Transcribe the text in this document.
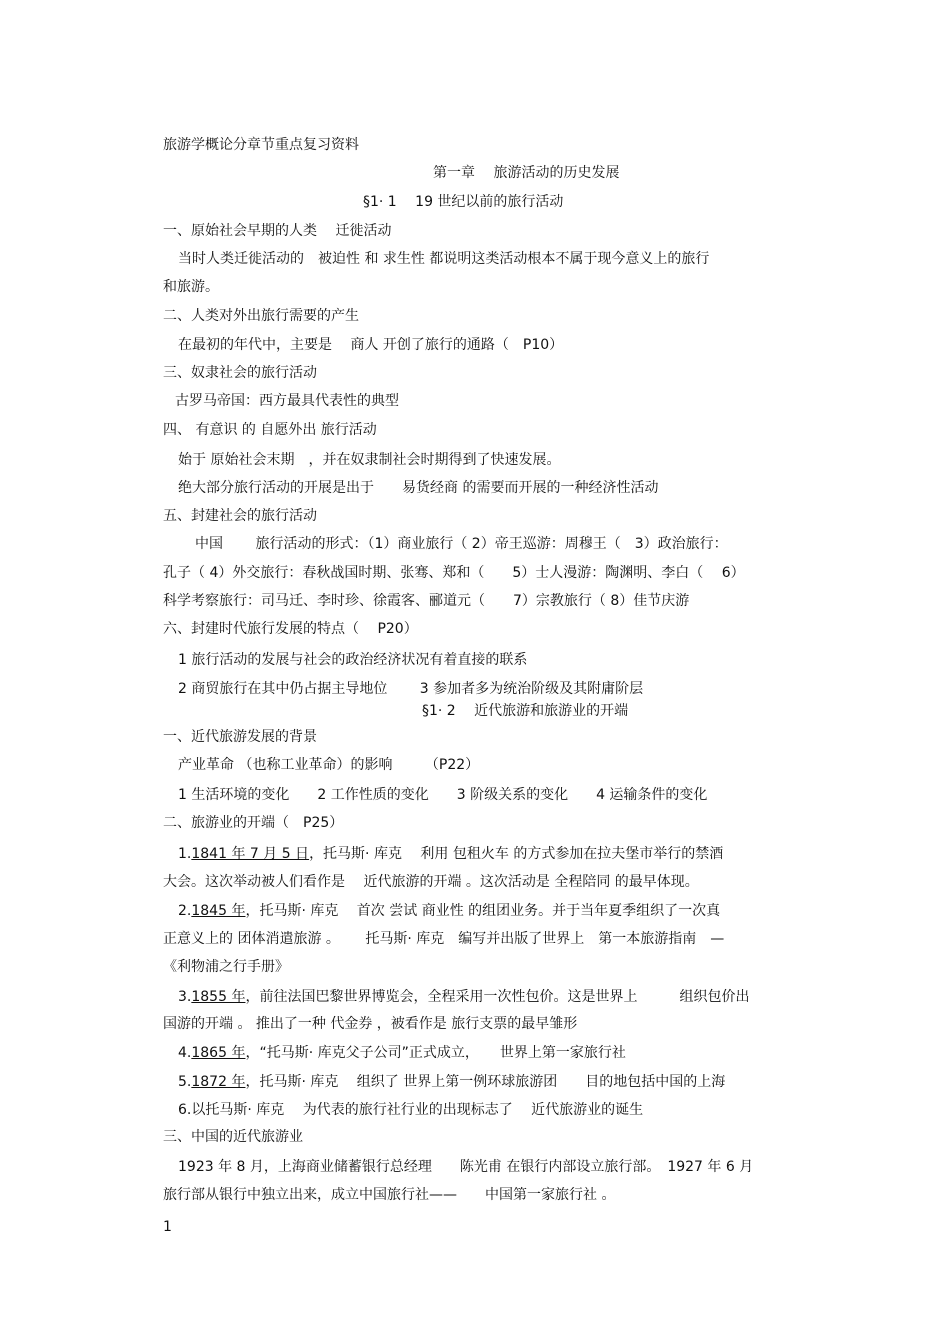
旅游学概论分章节重点复习资料
第一章　 旅游活动的历史发展
§1· 1 　19 世纪以前的旅行活动
一、原始社会早期的人类　 迁徙活动
当时人类迁徙活动的　被迫性 和 求生性 都说明这类活动根本不属于现今意义上的旅行
和旅游。
二、人类对外出旅行需要的产生
在最初的年代中，主要是　 商人 开创了旅行的通路（　P10）
三、奴隶社会的旅行活动
古罗马帝国：西方最具代表性的典型
四、 有意识 的 自愿外出 旅行活动
始于 原始社会末期　，并在奴隶制社会时期得到了快速发展。
绝大部分旅行活动的开展是出于　　易货经商 的需要而开展的一种经济性活动
五、封建社会的旅行活动
中国　　 旅行活动的形式：（1）商业旅行（ 2）帝王巡游：周穆王（　3）政治旅行：
孔子（ 4）外交旅行：春秋战国时期、张骞、郑和（　　5）士人漫游：陶渊明、李白（　 6）
科学考察旅行：司马迁、李时珍、徐霞客、郦道元（　　7）宗教旅行（ 8）佳节庆游
六、封建时代旅行发展的特点（　 P20）
1 旅行活动的发展与社会的政治经济状况有着直接的联系
2 商贸旅行在其中仍占据主导地位　　 3 参加者多为统治阶级及其附庸阶层
§1· 2 　近代旅游和旅游业的开端
一、近代旅游发展的背景
产业革命 （也称工业革命）的影响　　 （P22）
1 生活环境的变化　　2 工作性质的变化　　3 阶级关系的变化　　4 运输条件的变化
二、旅游业的开端（　P25）
1.1841 年 7 月 5 日，托马斯· 库克　 利用 包租火车 的方式参加在拉夫堡市举行的禁酒
大会。这次举动被人们看作是　 近代旅游的开端 。这次活动是 全程陪同 的最早体现。
2.1845 年，托马斯· 库克　 首次 尝试 商业性 的组团业务。并于当年夏季组织了一次真
正意义上的 团体消遣旅游 。　　 托马斯· 库克　编写并出版了世界上　第一本旅游指南　—
《利物浦之行手册》
3.1855 年，前往法国巴黎世界博览会，全程采用一次性包价。这是世界上　　　组织包价出
国游的开端 。 推出了一种 代金券 ，被看作是 旅行支票的最早雏形
4.1865 年，“托马斯· 库克父子公司”正式成立，　　世界上第一家旅行社
5.1872 年，托马斯· 库克　 组织了 世界上第一例环球旅游团　　目的地包括中国的上海
6.以托马斯· 库克　 为代表的旅行社行业的出现标志了　 近代旅游业的诞生
三、中国的近代旅游业
1923 年 8 月，上海商业储蓄银行总经理　　陈光甫 在银行内部设立旅行部。　1927 年 6 月
旅行部从银行中独立出来，成立中国旅行社——　　中国第一家旅行社 。
1
